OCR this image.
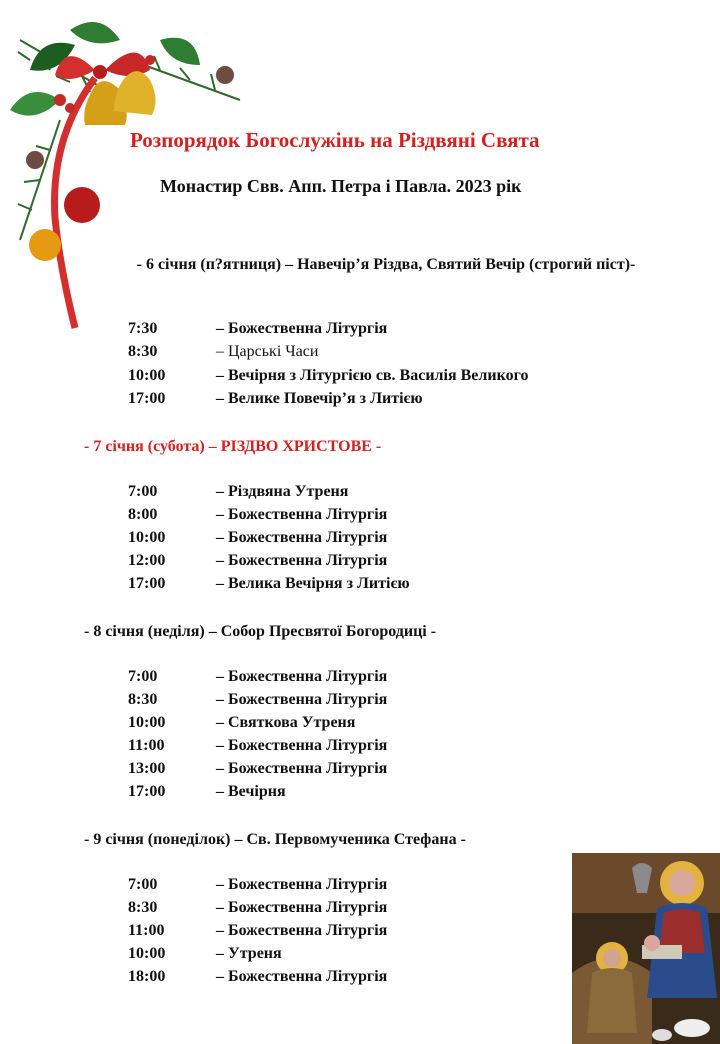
Розпорядок Богослужінь на Різдвяні Свята
Монастир Свв. Апп. Петра і Павла. 2023 рік
- 6 січня (п?ятниця) – Навечір’я Різдва, Святий Вечір (строгий піст)-
7:30	– Божественна Літургія
8:30	– Царські Часи
10:00	– Вечірня з Літургією св. Василія Великого
17:00	– Велике Повечір’я з Литією
- 7 січня (субота) – РІЗДВО ХРИСТОВЕ -
7:00	– Різдвяна Утреня
8:00	– Божественна Літургія
10:00	– Божественна Літургія
12:00	– Божественна Літургія
17:00	– Велика Вечірня з Литією
- 8 січня (неділя) – Собор Пресвятої Богородиці -
7:00	– Божественна Літургія
8:30	– Божественна Літургія
10:00	– Святкова Утреня
11:00	– Божественна Літургія
13:00	– Божественна Літургія
17:00	– Вечірня
- 9 січня (понеділок) – Св. Первомученика Стефана -
7:00	– Божественна Літургія
8:30	– Божественна Літургія
11:00	– Божественна Літургія
10:00	– Утреня
18:00	– Божественна Літургія
